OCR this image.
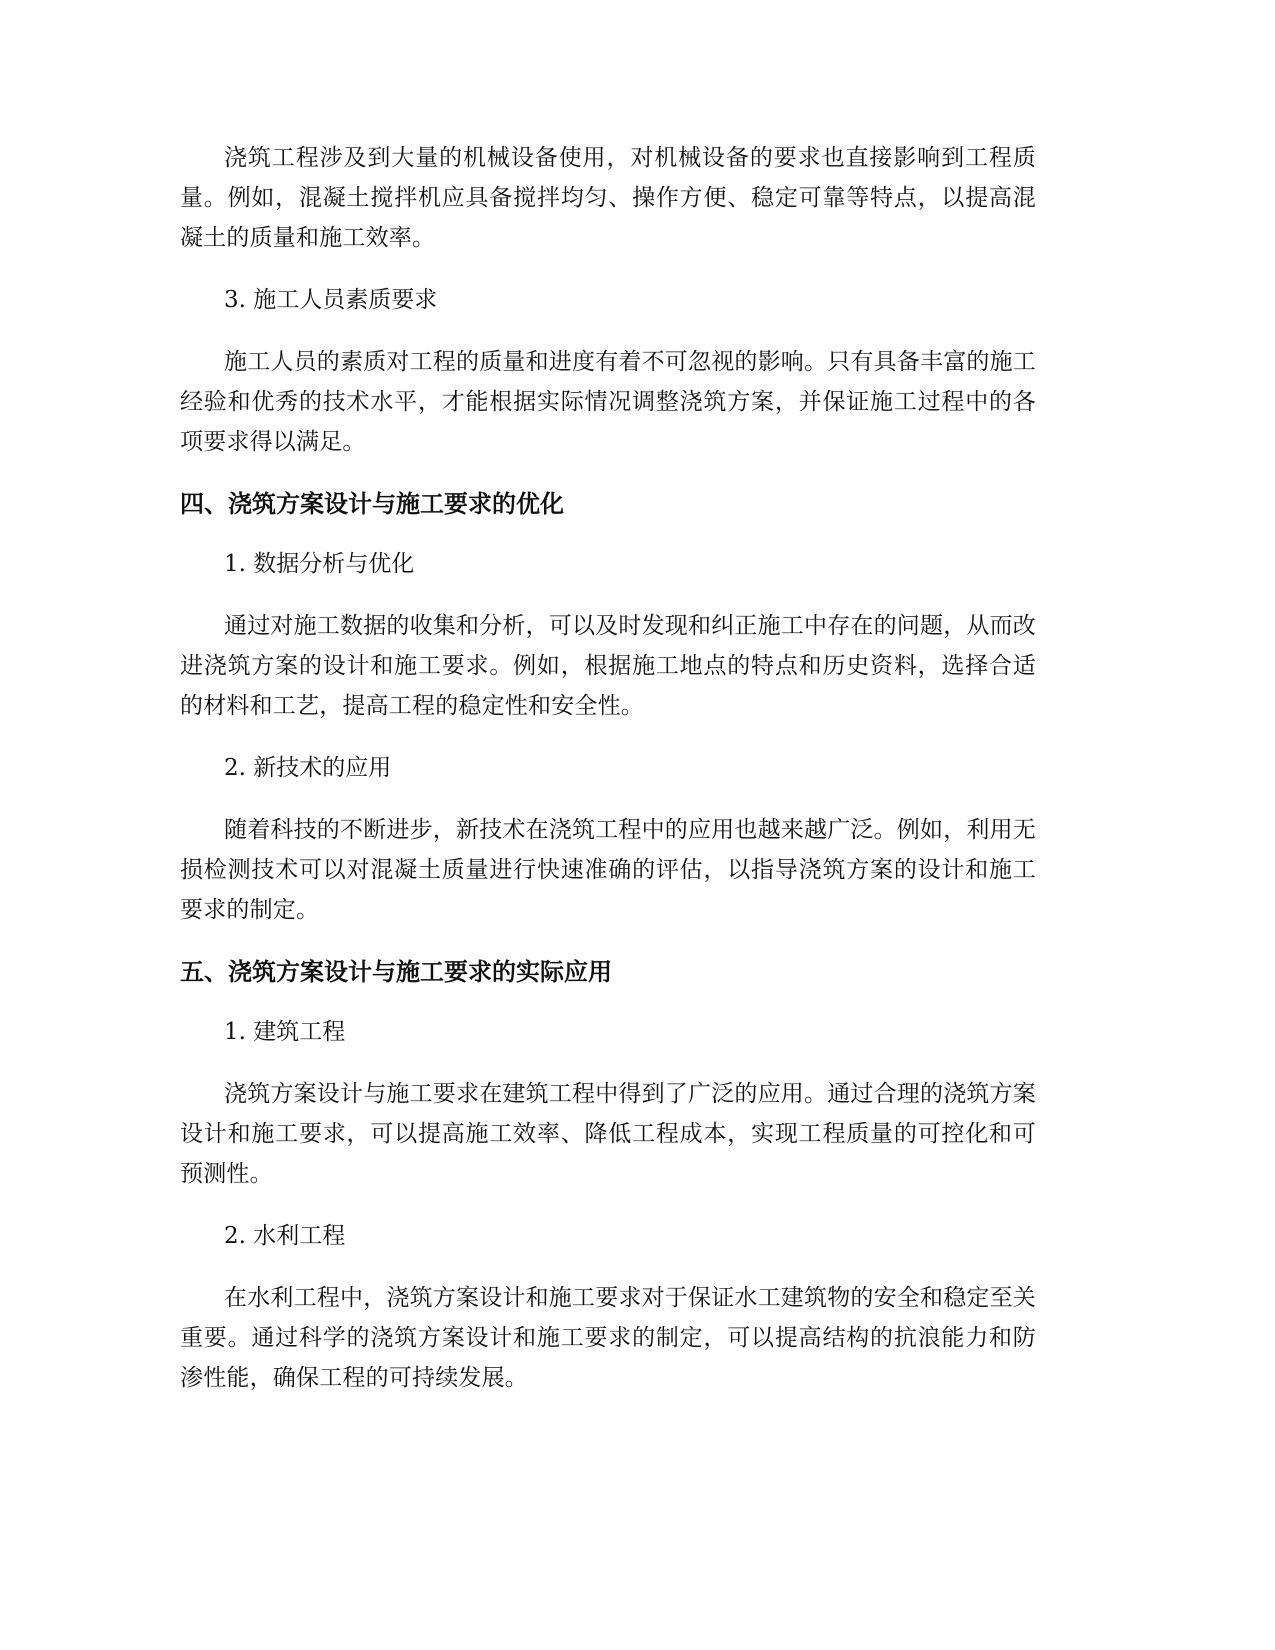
浇筑工程涉及到大量的机械设备使用，对机械设备的要求也直接影响到工程质量。例如，混凝土搅拌机应具备搅拌均匀、操作方便、稳定可靠等特点，以提高混凝土的质量和施工效率。

3. 施工人员素质要求

施工人员的素质对工程的质量和进度有着不可忽视的影响。只有具备丰富的施工经验和优秀的技术水平，才能根据实际情况调整浇筑方案，并保证施工过程中的各项要求得以满足。

四、浇筑方案设计与施工要求的优化

1. 数据分析与优化

通过对施工数据的收集和分析，可以及时发现和纠正施工中存在的问题，从而改进浇筑方案的设计和施工要求。例如，根据施工地点的特点和历史资料，选择合适的材料和工艺，提高工程的稳定性和安全性。

2. 新技术的应用

随着科技的不断进步，新技术在浇筑工程中的应用也越来越广泛。例如，利用无损检测技术可以对混凝土质量进行快速准确的评估，以指导浇筑方案的设计和施工要求的制定。

五、浇筑方案设计与施工要求的实际应用

1. 建筑工程

浇筑方案设计与施工要求在建筑工程中得到了广泛的应用。通过合理的浇筑方案设计和施工要求，可以提高施工效率、降低工程成本，实现工程质量的可控化和可预测性。

2. 水利工程

在水利工程中，浇筑方案设计和施工要求对于保证水工建筑物的安全和稳定至关重要。通过科学的浇筑方案设计和施工要求的制定，可以提高结构的抗浪能力和防渗性能，确保工程的可持续发展。
